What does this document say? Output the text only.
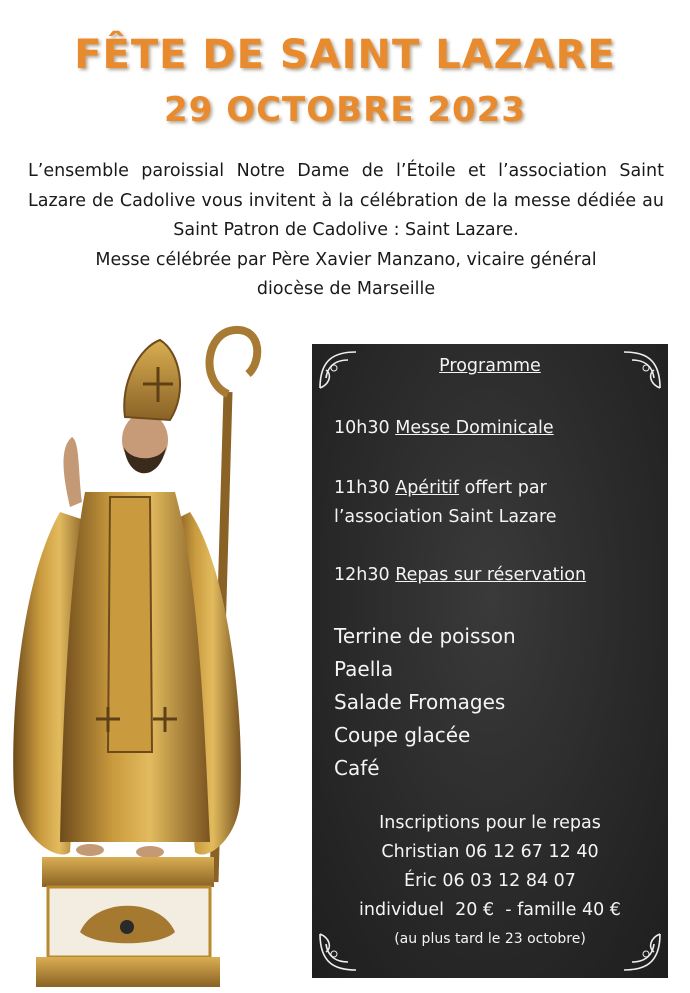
FÊTE DE SAINT LAZARE
29 OCTOBRE 2023

L’ensemble paroissial Notre Dame de l’Étoile et l’association Saint Lazare de Cadolive vous invitent à la célébration de la messe dédiée au Saint Patron de Cadolive : Saint Lazare.

Messe célébrée par Père Xavier Manzano, vicaire général

diocèse de Marseille

Programme
10h30 Messe Dominicale
11h30 Apéritif offert par
l’association Saint Lazare
12h30 Repas sur réservation
Terrine de poisson
Paella
Salade Fromages
Coupe glacée
Café
Inscriptions pour le repas
Christian 06 12 67 12 40
Éric 06 03 12 84 07
individuel  20 €  - famille 40 €
(au plus tard le 23 octobre)
